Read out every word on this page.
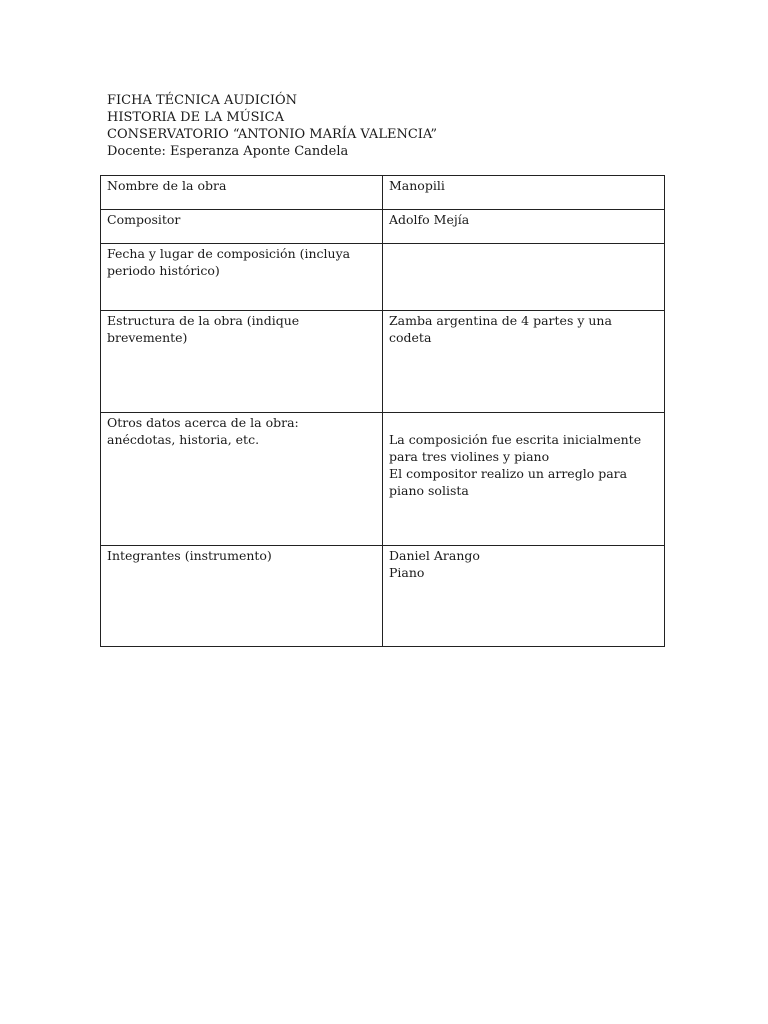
FICHA TÉCNICA AUDICIÓN
HISTORIA DE LA MÚSICA
CONSERVATORIO “ANTONIO MARÍA VALENCIA”
Docente: Esperanza Aponte Candela
Nombre de la obra	Manopili

Compositor	Adolfo Mejía

Fecha y lugar de composición (incluya
periodo histórico)	

Estructura de la obra (indique
brevemente)	Zamba argentina de 4 partes y una
codeta

Otros datos acerca de la obra:
anécdotas, historia, etc.	La composición fue escrita inicialmente
para tres violines y piano
El compositor realizo un arreglo para
piano solista

Integrantes (instrumento)	Daniel Arango
Piano
